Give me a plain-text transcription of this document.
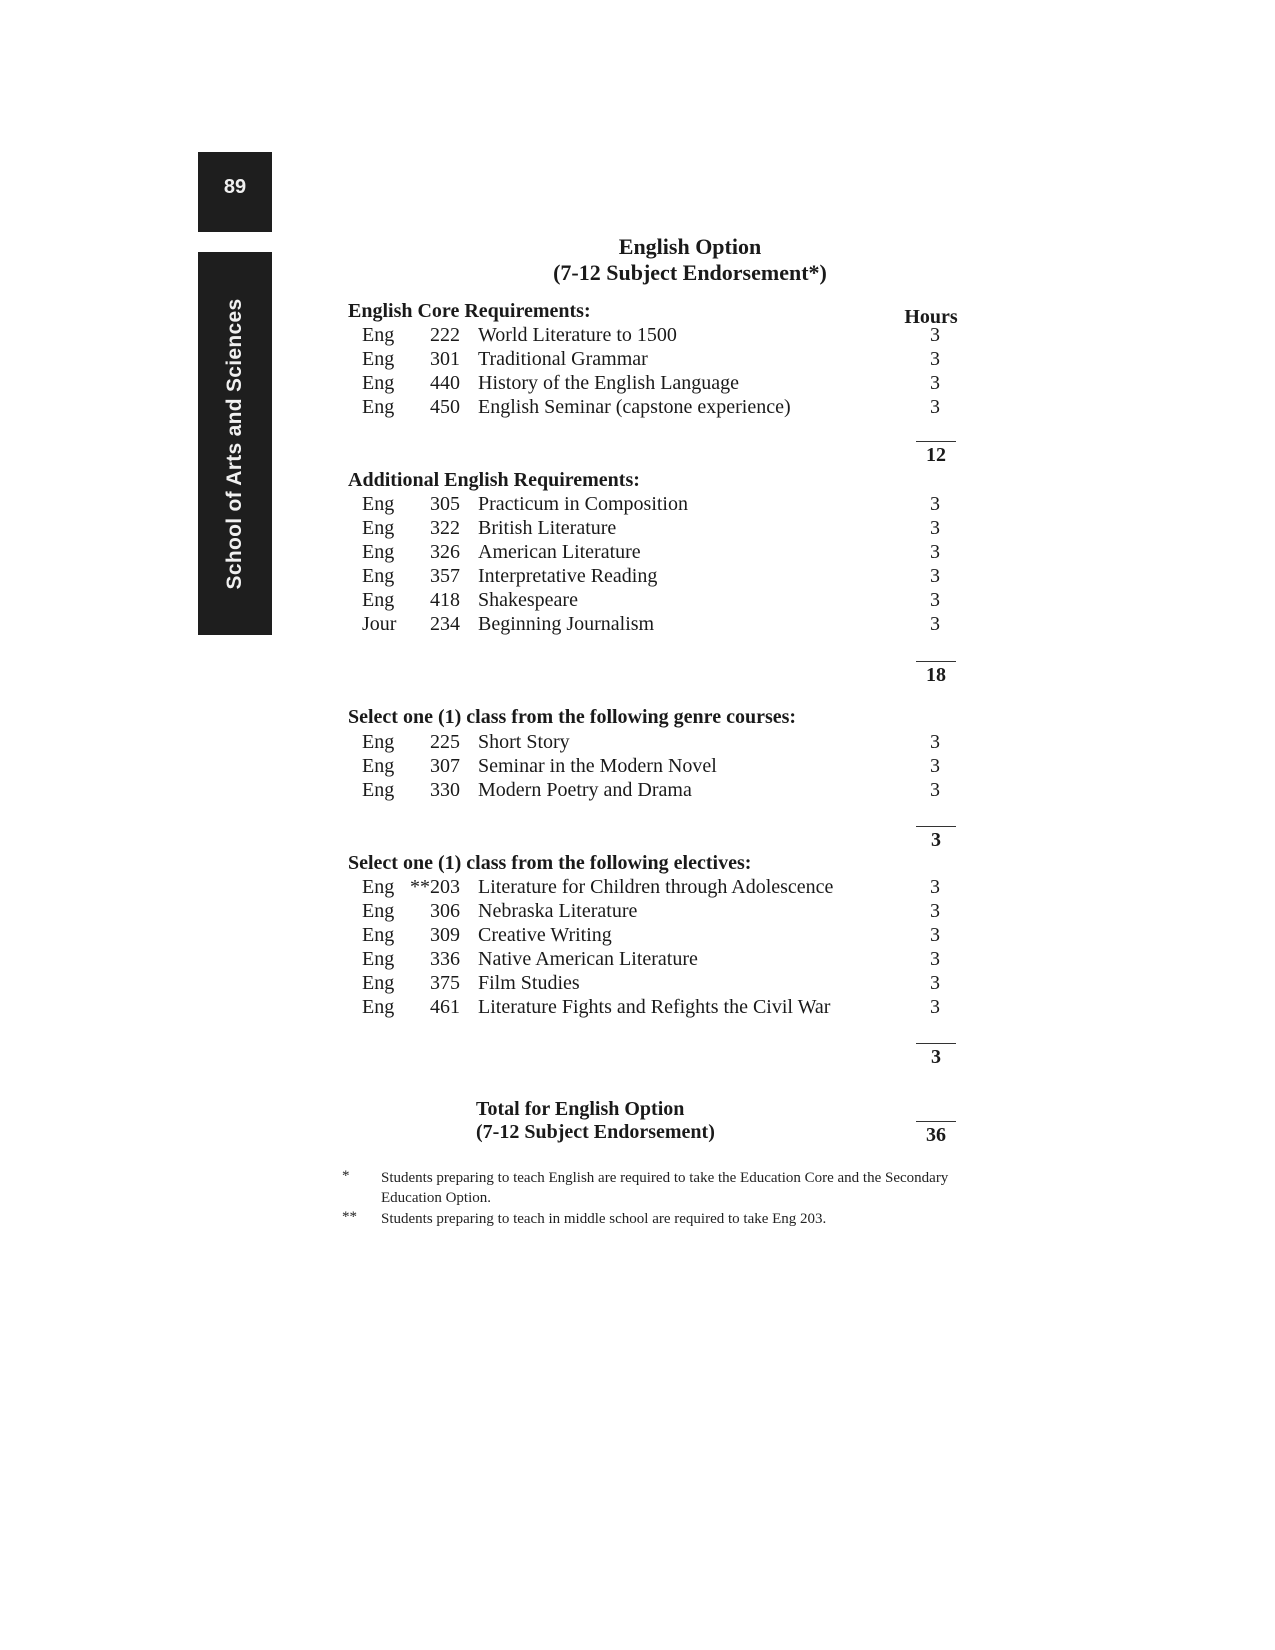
89
School of Arts and Sciences
English Option
(7-12 Subject Endorsement*)
Hours
English Core Requirements:
Eng	222 World Literature to 1500	3
Eng	301 Traditional Grammar	3
Eng	440 History of the English Language	3
Eng	450 English Seminar (capstone experience)	3
12
Additional English Requirements:
Eng	305 Practicum in Composition	3
Eng	322 British Literature	3
Eng	326 American Literature	3
Eng	357 Interpretative Reading	3
Eng	418 Shakespeare	3
Jour	234 Beginning Journalism	3
18
Select one (1) class from the following genre courses:
Eng	225 Short Story	3
Eng	307 Seminar in the Modern Novel	3
Eng	330 Modern Poetry and Drama	3
3
Select one (1) class from the following electives:
Eng **203 Literature for Children through Adolescence	3
Eng	306 Nebraska Literature	3
Eng	309 Creative Writing	3
Eng	336 Native American Literature	3
Eng	375 Film Studies	3
Eng	461 Literature Fights and Refights the Civil War	3
3
Total for English Option
(7-12 Subject Endorsement)	36
* Students preparing to teach English are required to take the Education Core and the Secondary Education Option.
** Students preparing to teach in middle school are required to take Eng 203.
